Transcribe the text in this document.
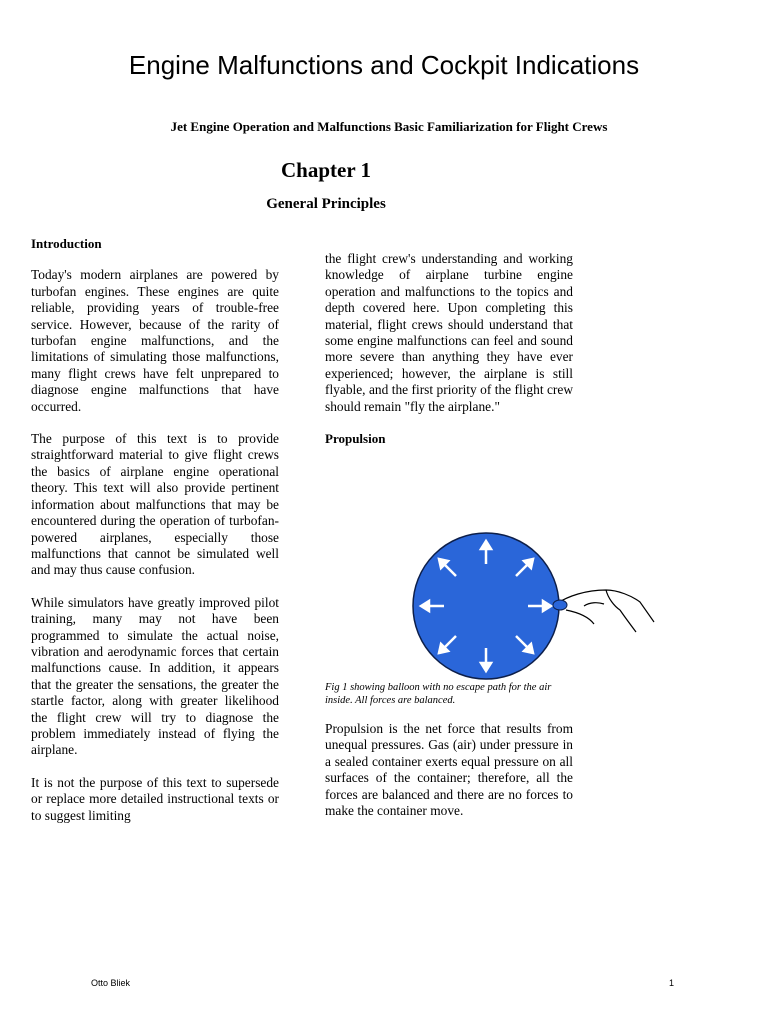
Engine Malfunctions and Cockpit Indications
Jet Engine Operation and Malfunctions Basic Familiarization for Flight Crews
Chapter 1
General Principles
Introduction

Today's modern airplanes are powered by turbofan engines. These engines are quite reliable, providing years of trouble-free service. However, because of the rarity of turbofan engine malfunctions, and the limitations of simulating those malfunctions, many flight crews have felt unprepared to diagnose engine malfunctions that have occurred.

The purpose of this text is to provide straightforward material to give flight crews the basics of airplane engine operational theory. This text will also provide pertinent information about malfunctions that may be encountered during the operation of turbofan-powered airplanes, especially those malfunctions that cannot be simulated well and may thus cause confusion.

While simulators have greatly improved pilot training, many may not have been programmed to simulate the actual noise, vibration and aerodynamic forces that certain malfunctions cause. In addition, it appears that the greater the sensations, the greater the startle factor, along with greater likelihood the flight crew will try to diagnose the problem immediately instead of flying the airplane.

It is not the purpose of this text to supersede or replace more detailed instructional texts or to suggest limiting

the flight crew's understanding and working knowledge of airplane turbine engine operation and malfunctions to the topics and depth covered here. Upon completing this material, flight crews should understand that some engine malfunctions can feel and sound more severe than anything they have ever experienced; however, the airplane is still flyable, and the first priority of the flight crew should remain "fly the airplane."

Propulsion
Fig 1 showing balloon with no escape path for the air inside. All forces are balanced.

Propulsion is the net force that results from unequal pressures. Gas (air) under pressure in a sealed container exerts equal pressure on all surfaces of the container; therefore, all the forces are balanced and there are no forces to make the container move.

Otto Bliek	1
